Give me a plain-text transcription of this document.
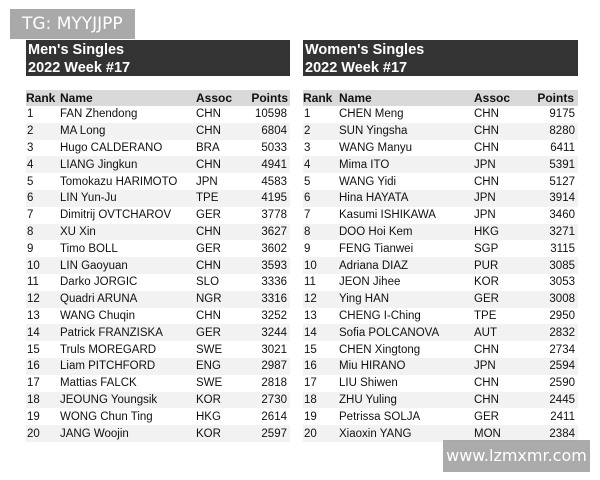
TG: MYYJJPP
Men's Singles
2022 Week #17
Rank	Name	Assoc	Points
1	FAN Zhendong	CHN	10598
2	MA Long	CHN	6804
3	Hugo CALDERANO	BRA	5033
4	LIANG Jingkun	CHN	4941
5	Tomokazu HARIMOTO	JPN	4583
6	LIN Yun-Ju	TPE	4195
7	Dimitrij OVTCHAROV	GER	3778
8	XU Xin	CHN	3627
9	Timo BOLL	GER	3602
10	LIN Gaoyuan	CHN	3593
11	Darko JORGIC	SLO	3336
12	Quadri ARUNA	NGR	3316
13	WANG Chuqin	CHN	3252
14	Patrick FRANZISKA	GER	3244
15	Truls MOREGARD	SWE	3021
16	Liam PITCHFORD	ENG	2987
17	Mattias FALCK	SWE	2818
18	JEOUNG Youngsik	KOR	2730
19	WONG Chun Ting	HKG	2614
20	JANG Woojin	KOR	2597
Women's Singles
2022 Week #17
Rank	Name	Assoc	Points
1	CHEN Meng	CHN	9175
2	SUN Yingsha	CHN	8280
3	WANG Manyu	CHN	6411
4	Mima ITO	JPN	5391
5	WANG Yidi	CHN	5127
6	Hina HAYATA	JPN	3914
7	Kasumi ISHIKAWA	JPN	3460
8	DOO Hoi Kem	HKG	3271
9	FENG Tianwei	SGP	3115
10	Adriana DIAZ	PUR	3085
11	JEON Jihee	KOR	3053
12	Ying HAN	GER	3008
13	CHENG I-Ching	TPE	2950
14	Sofia POLCANOVA	AUT	2832
15	CHEN Xingtong	CHN	2734
16	Miu HIRANO	JPN	2594
17	LIU Shiwen	CHN	2590
18	ZHU Yuling	CHN	2445
19	Petrissa SOLJA	GER	2411
20	Xiaoxin YANG	MON	2384
www.lzmxmr.com
